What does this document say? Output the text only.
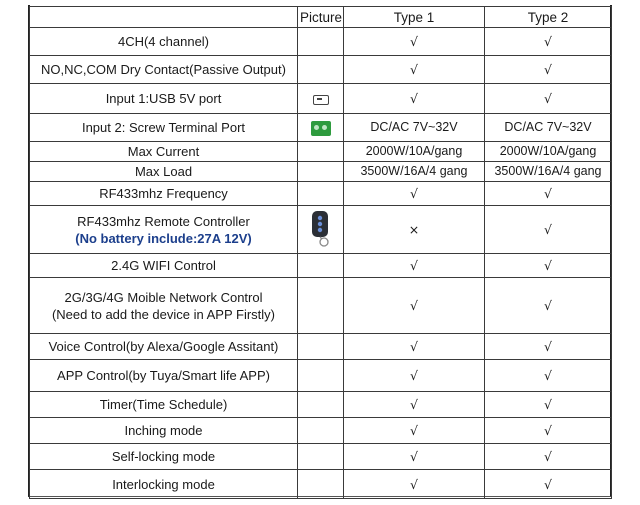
	Picture	Type 1	Type 2
4CH(4 channel)		√	√
NO,NC,COM Dry Contact(Passive Output)		√	√
Input 1:USB 5V port		√	√
Input 2: Screw Terminal Port		DC/AC 7V~32V	DC/AC 7V~32V
Max Current		2000W/10A/gang	2000W/10A/gang
Max Load		3500W/16A/4 gang	3500W/16A/4 gang
RF433mhz Frequency		√	√

RF433mhz Remote Controller
(No battery include:27A 12V)		×	√
2.4G WIFI Control		√	√

2G/3G/4G Moible Network Control
(Need to add the device in APP Firstly)		√	√
Voice Control(by Alexa/Google Assitant)		√	√
APP Control(by Tuya/Smart life APP)		√	√
Timer(Time Schedule)		√	√
Inching mode		√	√
Self-locking mode		√	√
Interlocking mode		√	√
